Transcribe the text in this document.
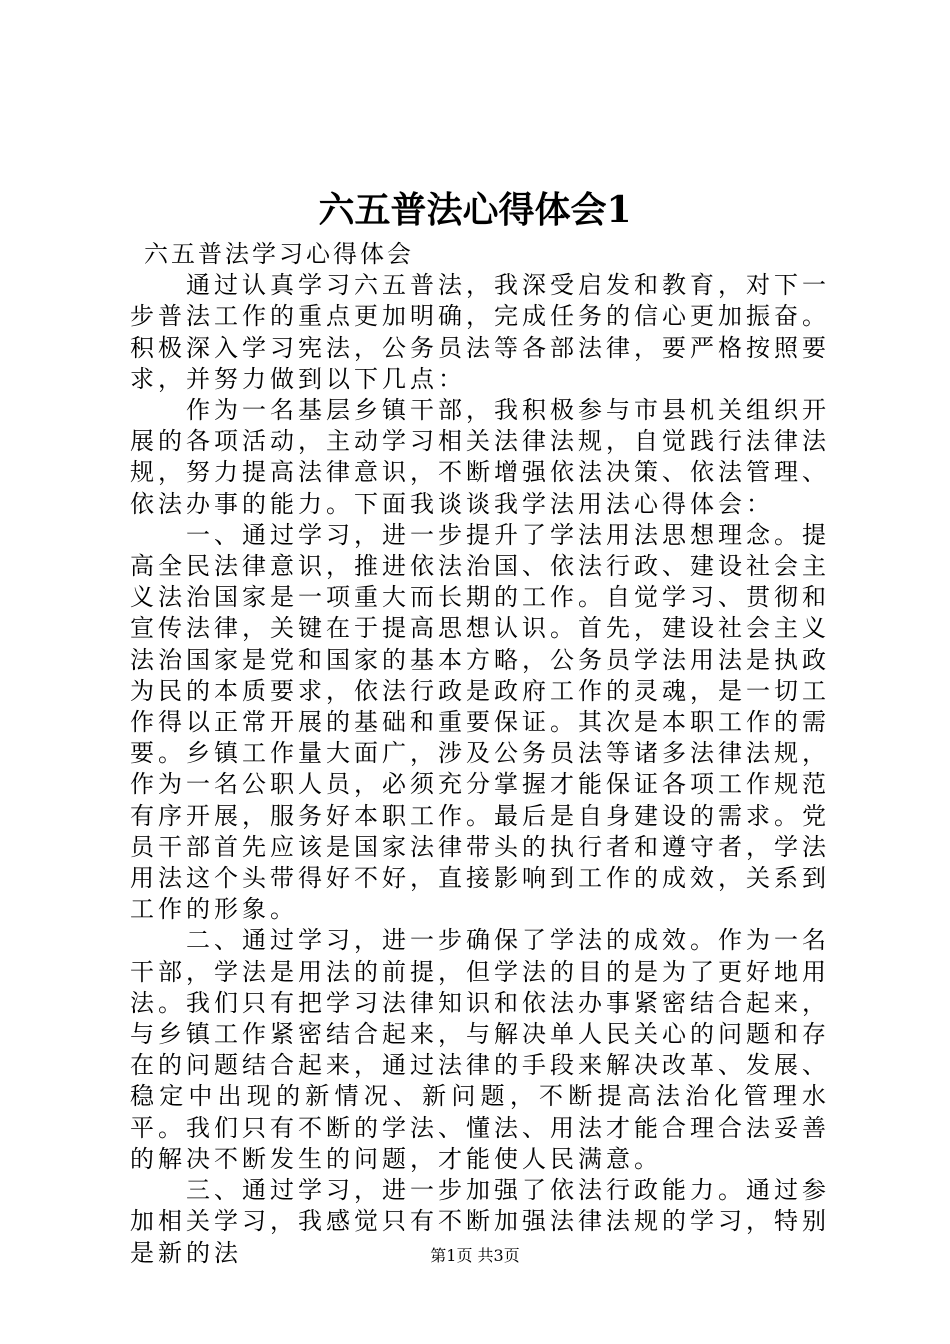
六五普法心得体会1

六五普法学习心得体会

通过认真学习六五普法，我深受启发和教育，对下一步普法工作的重点更加明确，完成任务的信心更加振奋。积极深入学习宪法，公务员法等各部法律，要严格按照要求，并努力做到以下几点：

作为一名基层乡镇干部，我积极参与市县机关组织开展的各项活动，主动学习相关法律法规，自觉践行法律法规，努力提高法律意识，不断增强依法决策、依法管理、依法办事的能力。下面我谈谈我学法用法心得体会：

一、通过学习，进一步提升了学法用法思想理念。提高全民法律意识，推进依法治国、依法行政、建设社会主义法治国家是一项重大而长期的工作。自觉学习、贯彻和宣传法律，关键在于提高思想认识。首先，建设社会主义法治国家是党和国家的基本方略，公务员学法用法是执政为民的本质要求，依法行政是政府工作的灵魂，是一切工作得以正常开展的基础和重要保证。其次是本职工作的需要。乡镇工作量大面广，涉及公务员法等诸多法律法规，作为一名公职人员，必须充分掌握才能保证各项工作规范有序开展，服务好本职工作。最后是自身建设的需求。党员干部首先应该是国家法律带头的执行者和遵守者，学法用法这个头带得好不好，直接影响到工作的成效，关系到工作的形象。

二、通过学习，进一步确保了学法的成效。作为一名干部，学法是用法的前提，但学法的目的是为了更好地用法。我们只有把学习法律知识和依法办事紧密结合起来，与乡镇工作紧密结合起来，与解决单人民关心的问题和存在的问题结合起来，通过法律的手段来解决改革、发展、稳定中出现的新情况、新问题，不断提高法治化管理水平。我们只有不断的学法、懂法、用法才能合理合法妥善的解决不断发生的问题，才能使人民满意。

三、通过学习，进一步加强了依法行政能力。通过参加相关学习，我感觉只有不断加强法律法规的学习，特别是新的法	第1页 共3页
